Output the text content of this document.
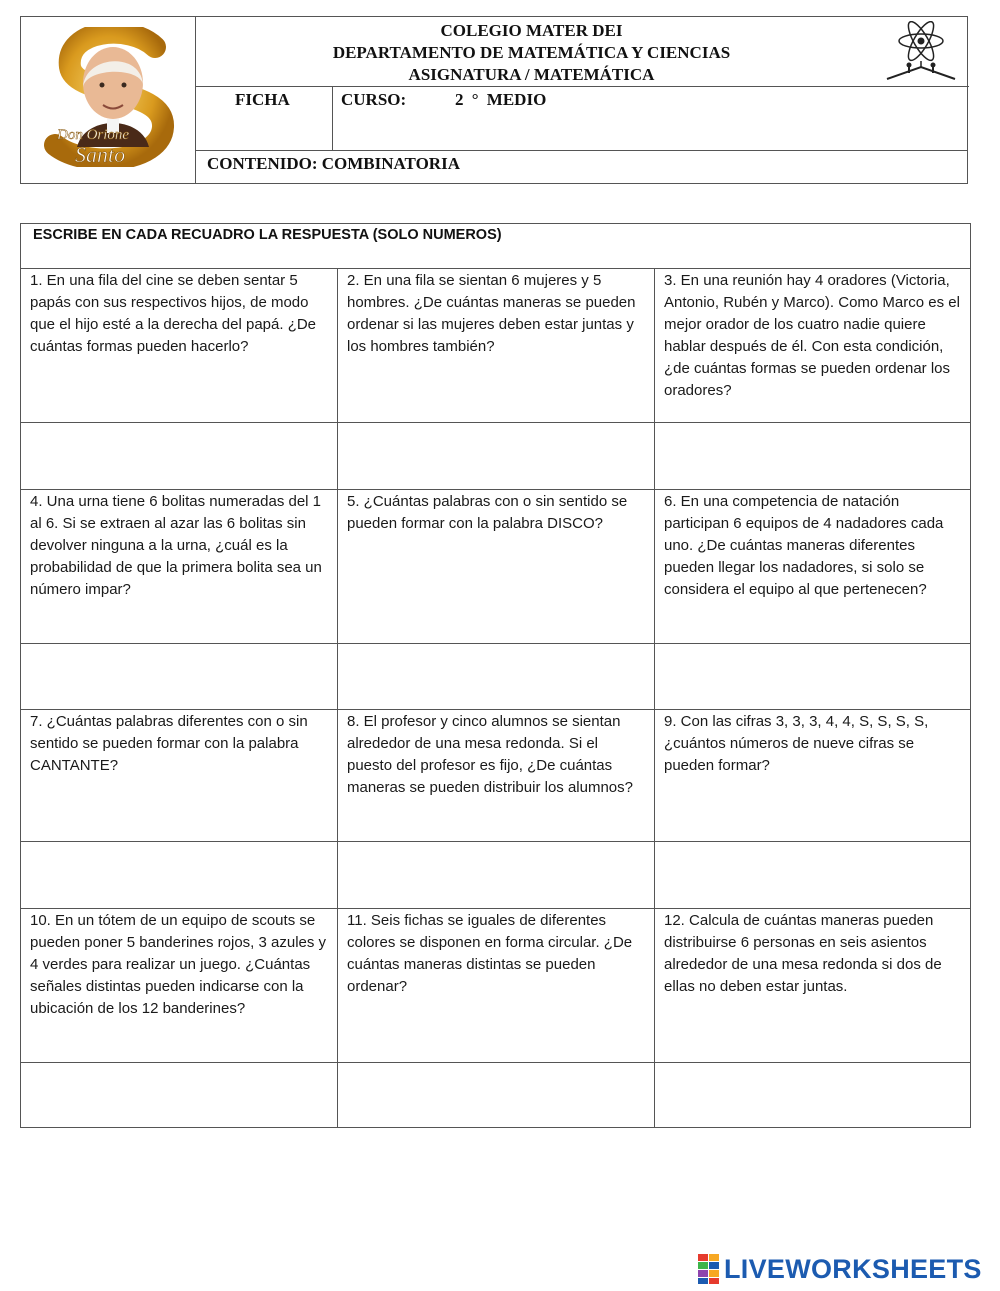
Don Orione
Santo
COLEGIO MATER DEI
DEPARTAMENTO DE MATEMÁTICA Y CIENCIAS
ASIGNATURA / MATEMÁTICA
FICHA	CURSO:	2 ° MEDIO
CONTENIDO: COMBINATORIA
ESCRIBE EN CADA RECUADRO LA RESPUESTA (SOLO NUMEROS)
1. En una fila del cine se deben sentar 5 papás con sus respectivos hijos, de modo que el hijo esté a la derecha del papá. ¿De cuántas formas pueden hacerlo?
2. En una fila se sientan 6 mujeres y 5 hombres. ¿De cuántas maneras se pueden ordenar si las mujeres deben estar juntas y los hombres también?
3. En una reunión hay 4 oradores (Victoria, Antonio, Rubén y Marco). Como Marco es el mejor orador de los cuatro nadie quiere hablar después de él. Con esta condición, ¿de cuántas formas se pueden ordenar los oradores?
4. Una urna tiene 6 bolitas numeradas del 1 al 6. Si se extraen al azar las 6 bolitas sin devolver ninguna a la urna, ¿cuál es la probabilidad de que la primera bolita sea un número impar?
5. ¿Cuántas palabras con o sin sentido se pueden formar con la palabra DISCO?
6. En una competencia de natación participan 6 equipos de 4 nadadores cada uno. ¿De cuántas maneras diferentes pueden llegar los nadadores, si solo se considera el equipo al que pertenecen?
7. ¿Cuántas palabras diferentes con o sin sentido se pueden formar con la palabra CANTANTE?
8. El profesor y cinco alumnos se sientan alrededor de una mesa redonda. Si el puesto del profesor es fijo, ¿De cuántas maneras se pueden distribuir los alumnos?
9. Con las cifras 3, 3, 3, 4, 4, S, S, S, S, ¿cuántos números de nueve cifras se pueden formar?
10. En un tótem de un equipo de scouts se pueden poner 5 banderines rojos, 3 azules y 4 verdes para realizar un juego. ¿Cuántas señales distintas pueden indicarse con la ubicación de los 12 banderines?
11. Seis fichas se iguales de diferentes colores se disponen en forma circular. ¿De cuántas maneras distintas se pueden ordenar?
12. Calcula de cuántas maneras pueden distribuirse 6 personas en seis asientos alrededor de una mesa redonda si dos de ellas no deben estar juntas.
LIVEWORKSHEETS
